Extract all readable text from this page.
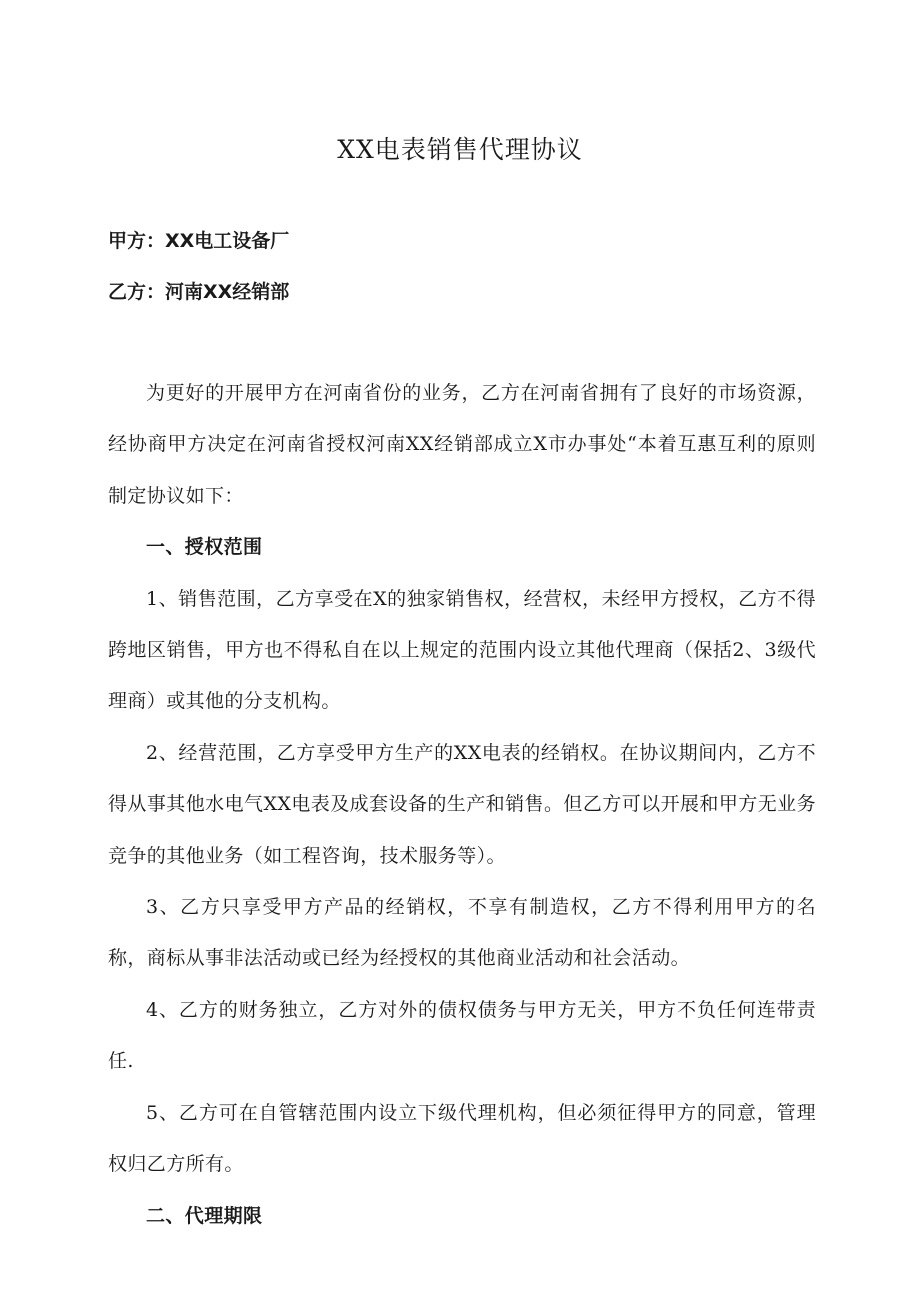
XX电表销售代理协议
甲方：XX电工设备厂
乙方：河南XX经销部

为更好的开展甲方在河南省份的业务，乙方在河南省拥有了良好的市场资源，经协商甲方决定在河南省授权河南XX经销部成立X市办事处“本着互惠互利的原则制定协议如下：

一、授权范围

1、销售范围，乙方享受在X的独家销售权，经营权，未经甲方授权，乙方不得跨地区销售，甲方也不得私自在以上规定的范围内设立其他代理商（保括2、3级代理商）或其他的分支机构。

2、经营范围，乙方享受甲方生产的XX电表的经销权。在协议期间内，乙方不得从事其他水电气XX电表及成套设备的生产和销售。但乙方可以开展和甲方无业务竞争的其他业务（如工程咨询，技术服务等）。

3、乙方只享受甲方产品的经销权，不享有制造权，乙方不得利用甲方的名称，商标从事非法活动或已经为经授权的其他商业活动和社会活动。

4、乙方的财务独立，乙方对外的债权债务与甲方无关，甲方不负任何连带责任.

5、乙方可在自管辖范围内设立下级代理机构，但必须征得甲方的同意，管理权归乙方所有。

二、代理期限
